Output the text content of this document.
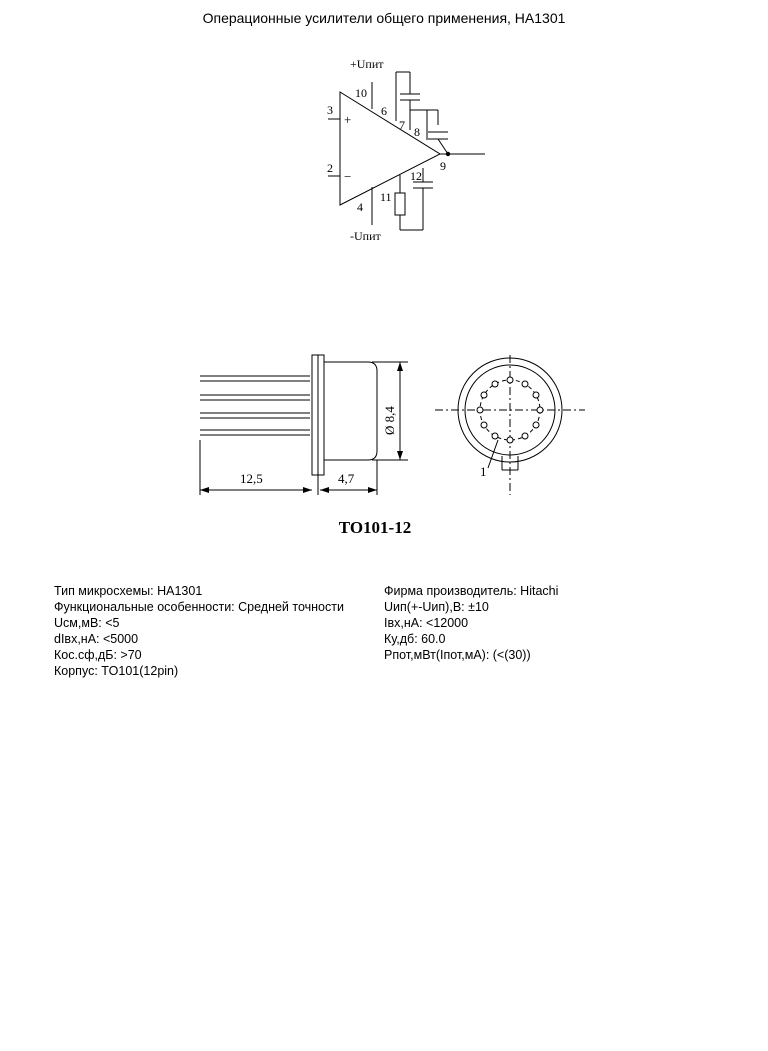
Операционные усилители общего применения, HA1301
+Uпит
-Uпит
+
−
3
2
10
6
7 8
9
12
11
4
12,5	4,7
Ø 8,4
1
TO101-12
Тип микросхемы: HA1301
Функциональные особенности: Средней точности
Uсм,мВ: <5
dIвх,нА: <5000
Кос.сф,дБ: >70
Корпус: TO101(12pin)
Фирма производитель: Hitachi
Uип(+-Uип),В: ±10
Iвх,нА: <12000
Ку,дб: 60.0
Pпот,мВт(Iпот,мА): (<(30))
